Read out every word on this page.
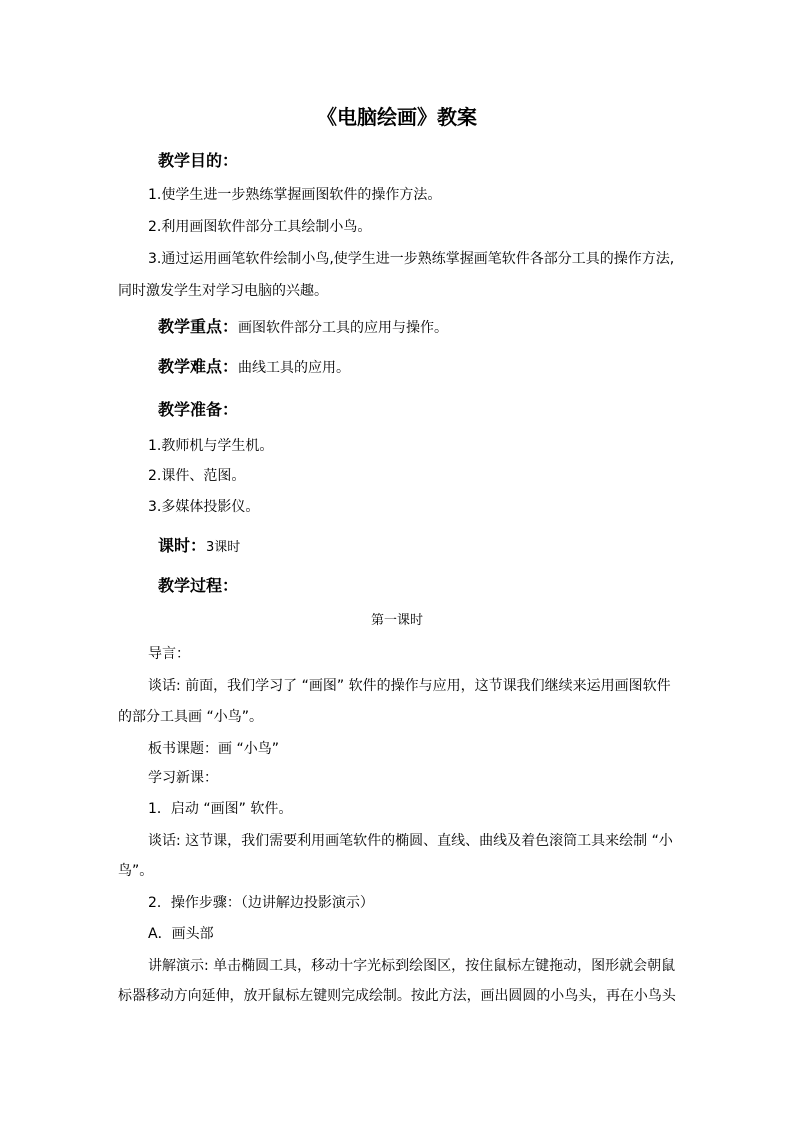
《电脑绘画》教案
教学目的：
1.使学生进一步熟练掌握画图软件的操作方法。
2.利用画图软件部分工具绘制小鸟。
3.通过运用画笔软件绘制小鸟,使学生进一步熟练掌握画笔软件各部分工具的操作方法,
同时激发学生对学习电脑的兴趣。
教学重点：画图软件部分工具的应用与操作。
教学难点：曲线工具的应用。
教学准备：
1.教师机与学生机。
2.课件、范图。
3.多媒体投影仪。
课时：3课时
教学过程：
第一课时
导言：
谈话: 前面，我们学习了 “画图” 软件的操作与应用，这节课我们继续来运用画图软件
的部分工具画 “小鸟”。
板书课题：画 “小鸟”
学习新课：
1．启动 “画图” 软件。
谈话: 这节课，我们需要利用画笔软件的椭圆、直线、曲线及着色滚筒工具来绘制 “小
鸟”。
2．操作步骤：（边讲解边投影演示）
A．画头部
讲解演示: 单击椭圆工具，移动十字光标到绘图区，按住鼠标左键拖动，图形就会朝鼠
标器移动方向延伸，放开鼠标左键则完成绘制。按此方法，画出圆圆的小鸟头，再在小鸟头
